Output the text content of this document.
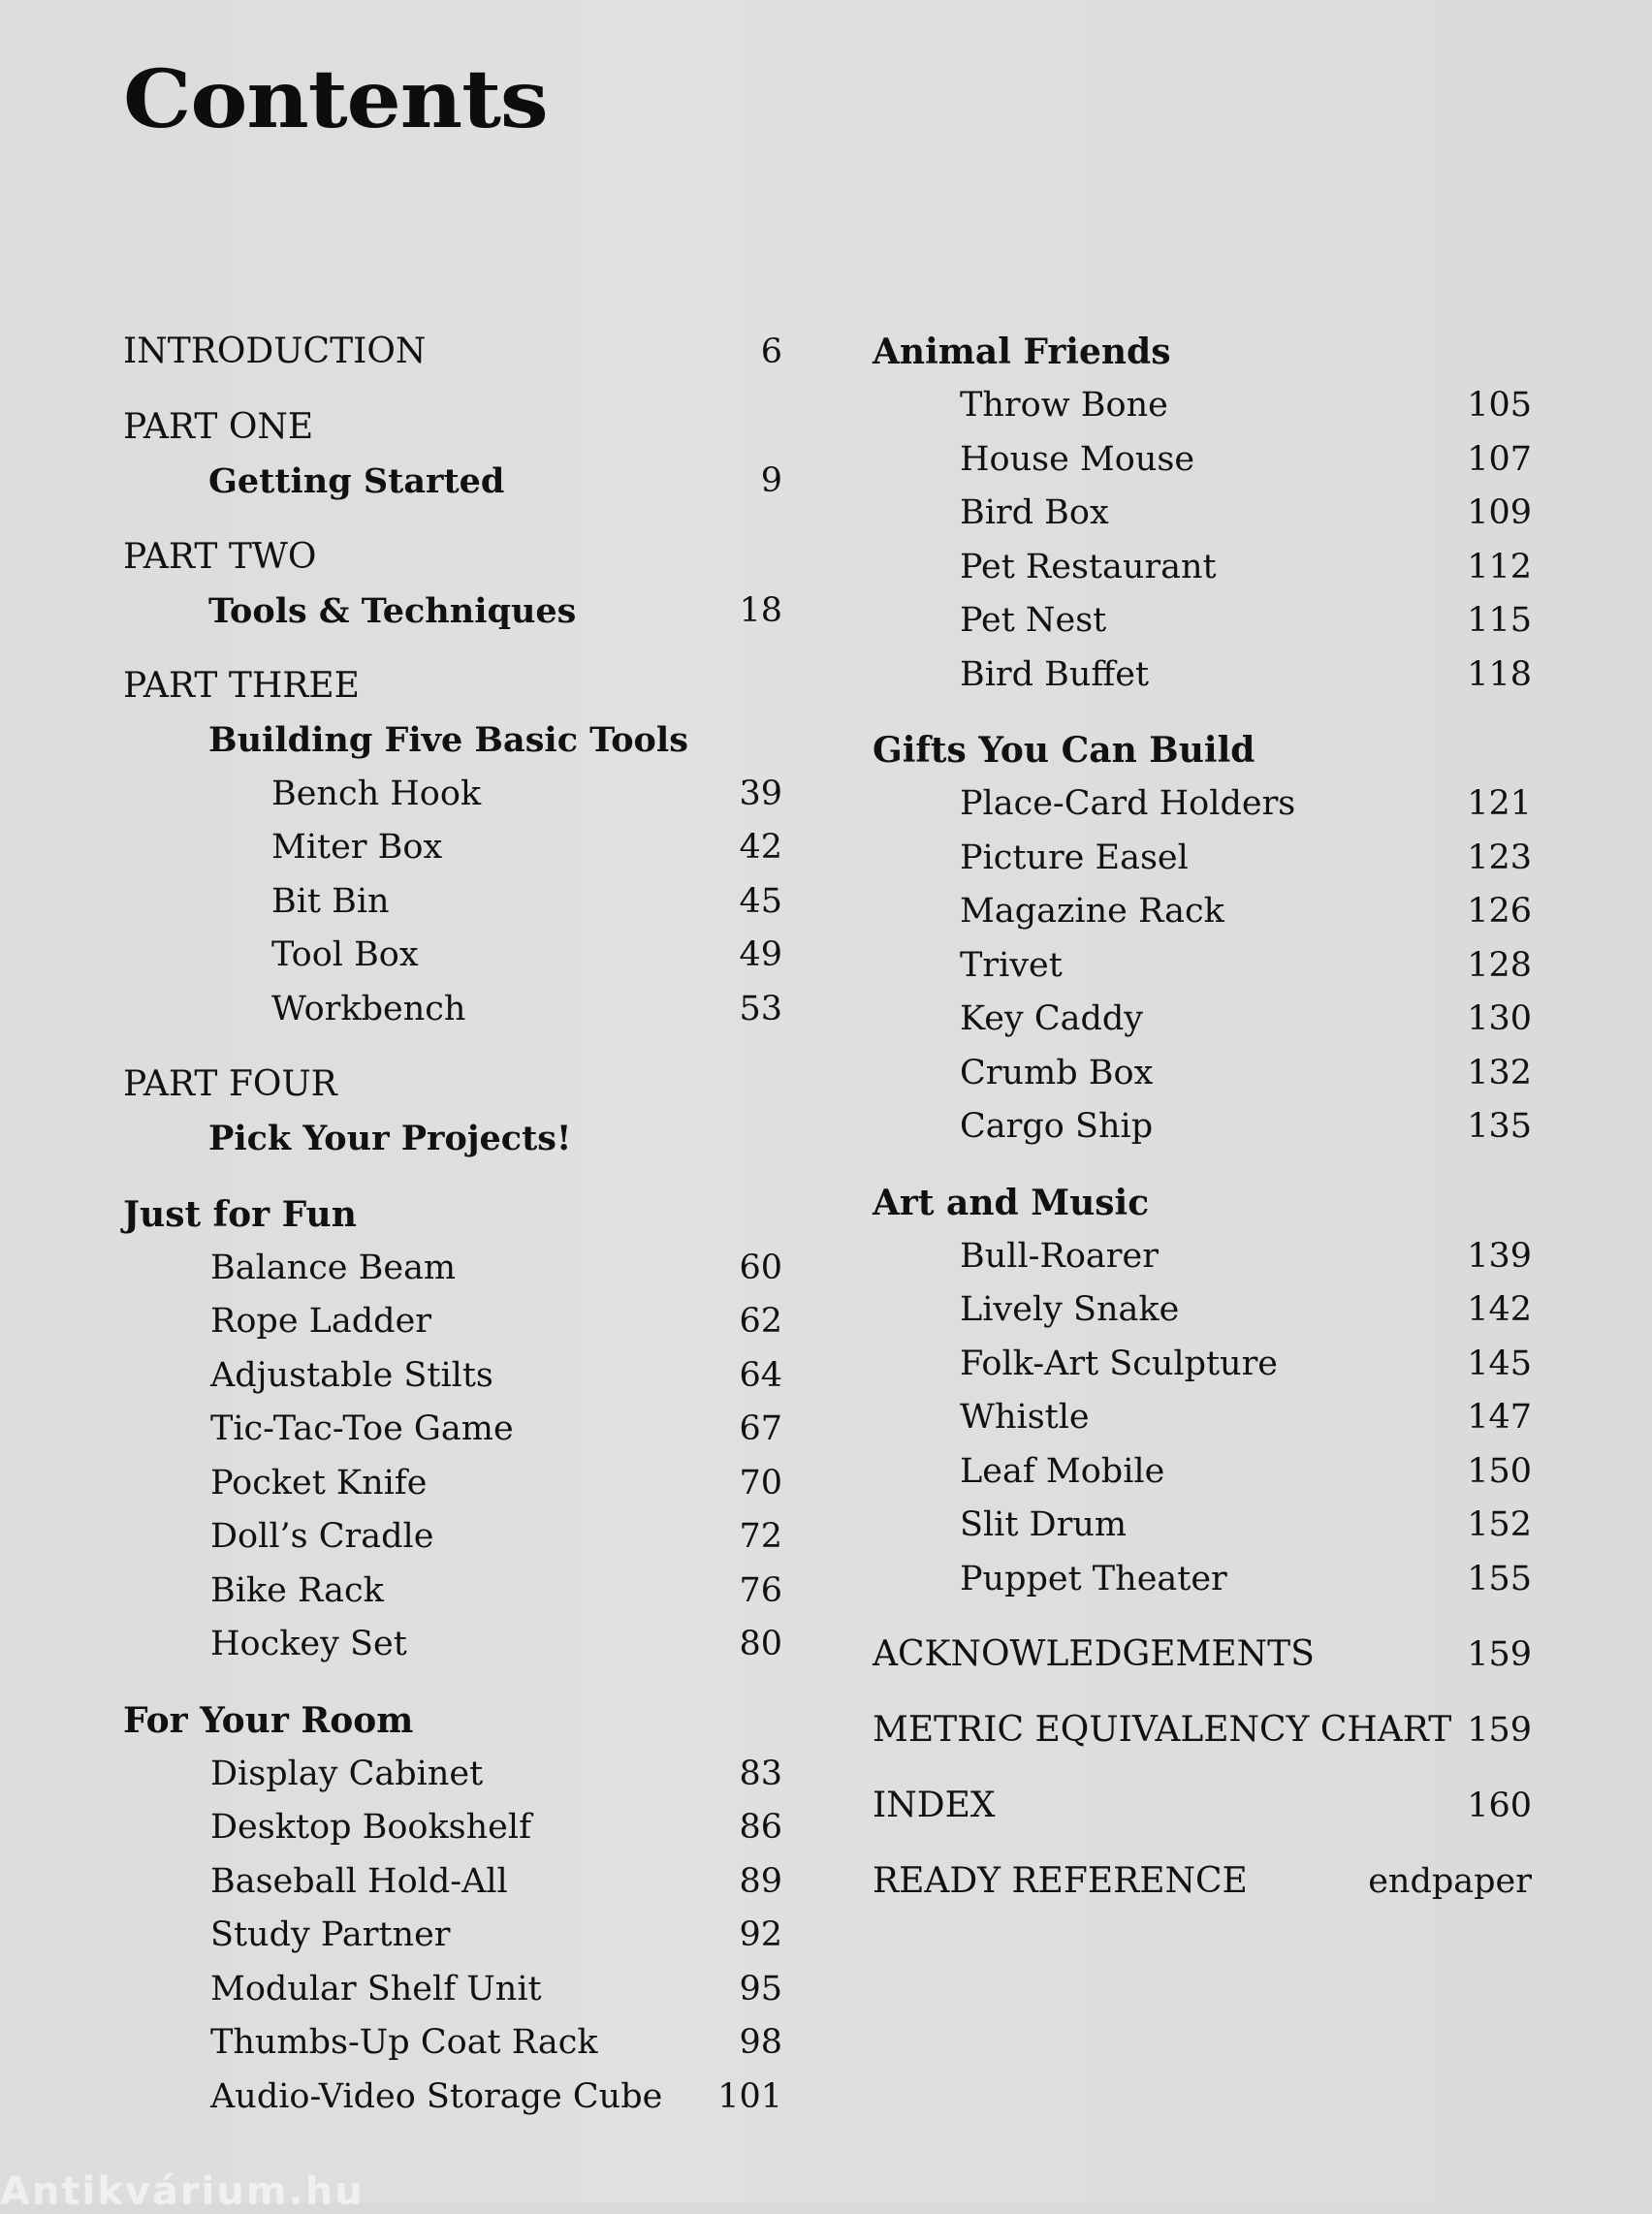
Contents
INTRODUCTION	6
PART ONE
Getting Started	9
PART TWO
Tools & Techniques	18
PART THREE
Building Five Basic Tools
Bench Hook	39
Miter Box	42
Bit Bin	45
Tool Box	49
Workbench	53
PART FOUR
Pick Your Projects!
Just for Fun
Balance Beam	60
Rope Ladder	62
Adjustable Stilts	64
Tic-Tac-Toe Game	67
Pocket Knife	70
Doll’s Cradle	72
Bike Rack	76
Hockey Set	80
For Your Room
Display Cabinet	83
Desktop Bookshelf	86
Baseball Hold-All	89
Study Partner	92
Modular Shelf Unit	95
Thumbs-Up Coat Rack	98
Audio-Video Storage Cube 101
Animal Friends
Throw Bone	105
House Mouse	107
Bird Box	109
Pet Restaurant	112
Pet Nest	115
Bird Buffet	118
Gifts You Can Build
Place-Card Holders	121
Picture Easel	123
Magazine Rack	126
Trivet	128
Key Caddy	130
Crumb Box	132
Cargo Ship	135
Art and Music
Bull-Roarer	139
Lively Snake	142
Folk-Art Sculpture	145
Whistle	147
Leaf Mobile	150
Slit Drum	152
Puppet Theater	155
ACKNOWLEDGEMENTS	159
METRIC EQUIVALENCY CHART 159
INDEX	160
READY REFERENCE	endpaper
Antikvárium.hu
